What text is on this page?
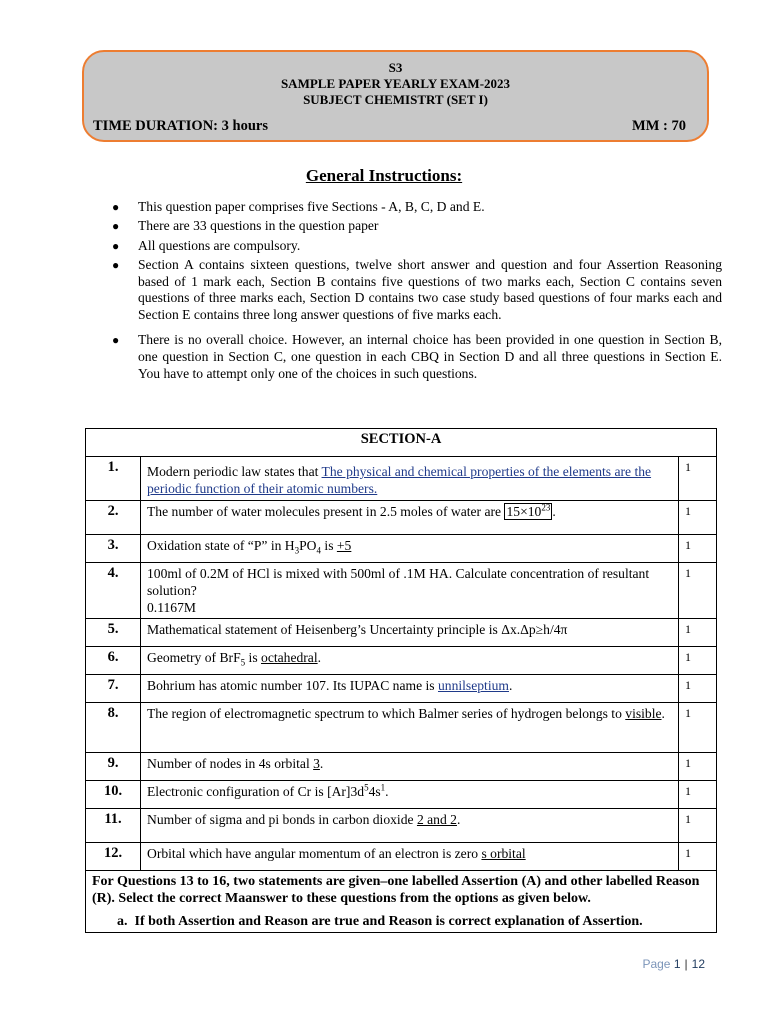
S3
SAMPLE PAPER YEARLY EXAM-2023
SUBJECT CHEMISTRT (SET I)
TIME DURATION: 3 hours	MM : 70
General Instructions:
● This question paper comprises five Sections - A, B, C, D and E.
● There are 33 questions in the question paper
● All questions are compulsory.
● Section A contains sixteen questions, twelve short answer and question and four Assertion Reasoning based of 1 mark each, Section B contains five questions of two marks each, Section C contains seven questions of three marks each, Section D contains two case study based questions of four marks each and Section E contains three long answer questions of five marks each.
● There is no overall choice. However, an internal choice has been provided in one question in Section B, one question in Section C, one question in each CBQ in Section D and all three questions in Section E. You have to attempt only one of the choices in such questions.
SECTION-A		
1.	Modern periodic law states that The physical and chemical properties of the elements are the periodic function of their atomic numbers.	1
2.	The number of water molecules present in 2.5 moles of water are $15\times 10^{23}$ .	1
3.	Oxidation state of “P” in $H_3PO_4$ is +5	1
4.	100ml of 0.2M of HCl is mixed with 500ml of .1M HA. Calculate concentration of resultant solution?
0.1167M	1
5.	Mathematical statement of Heisenberg’s Uncertainty principle is Δx.Δp≥h/4π	1
6.	Geometry of BrF$_5$ is octahedral.	1
7.	Bohrium has atomic number 107. Its IUPAC name is unnilseptium.	1
8.	The region of electromagnetic spectrum to which Balmer series of hydrogen belongs to visible.	1
9.	Number of nodes in 4s orbital 3.	1
10.	Electronic configuration of Cr is $[Ar]3d^54s^1$.	1
11.	Number of sigma and pi bonds in carbon dioxide 2 and 2.	1
12.	Orbital which have angular momentum of an electron is zero s orbital	1

For Questions 13 to 16, two statements are given–one labelled Assertion (A) and other labelled Reason (R). Select the correct Maanswer to these questions from the options as given below.
a. If both Assertion and Reason are true and Reason is correct explanation of Assertion.		
Page 1 | 12
